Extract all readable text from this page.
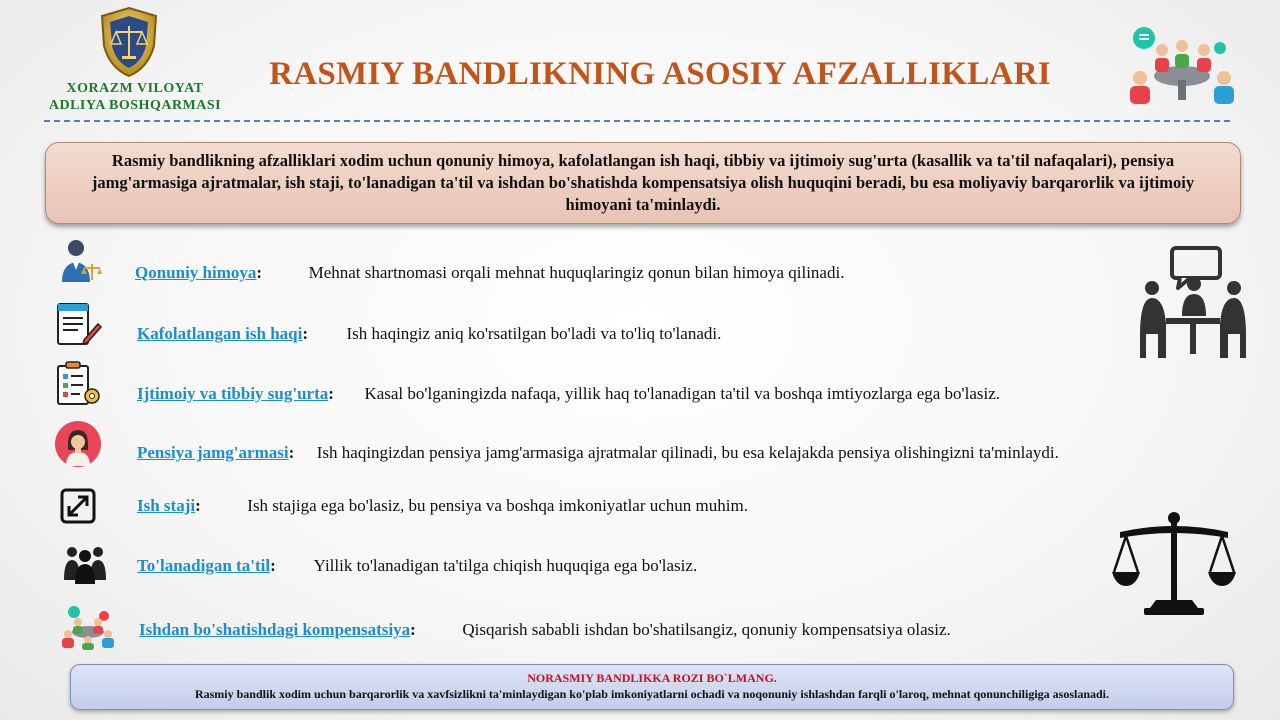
XORAZM VILOYAT
ADLIYA BOSHQARMASI
RASMIY BANDLIKNING ASOSIY AFZALLIKLARI

Rasmiy bandlikning afzalliklari xodim uchun qonuniy himoya, kafolatlangan ish haqi, tibbiy va ijtimoiy sug'urta (kasallik va ta'til nafaqalari), pensiya jamg'armasiga ajratmalar, ish staji, to'lanadigan ta'til va ishdan bo'shatishda kompensatsiya olish huquqini beradi, bu esa moliyaviy barqarorlik va ijtimoiy himoyani ta'minlaydi.

Qonuniy himoya:	Mehnat shartnomasi orqali mehnat huquqlaringiz qonun bilan himoya qilinadi.
Kafolatlangan ish haqi: Ish haqingiz aniq ko'rsatilgan bo'ladi va to'liq to'lanadi.
Ijtimoiy va tibbiy sug'urta: Kasal bo'lganingizda nafaqa, yillik haq to'lanadigan ta'til va boshqa imtiyozlarga ega bo'lasiz.
Pensiya jamg'armasi: Ish haqingizdan pensiya jamg'armasiga ajratmalar qilinadi, bu esa kelajakda pensiya olishingizni ta'minlaydi.
Ish staji:	Ish stajiga ega bo'lasiz, bu pensiya va boshqa imkoniyatlar uchun muhim.
To'lanadigan ta'til: Yillik to'lanadigan ta'tilga chiqish huquqiga ega bo'lasiz.
Ishdan bo'shatishdagi kompensatsiya:	Qisqarish sababli ishdan bo'shatilsangiz, qonuniy kompensatsiya olasiz.
NORASMIY BANDLIKKA ROZI BO`LMANG.
Rasmiy bandlik xodim uchun barqarorlik va xavfsizlikni ta'minlaydigan ko'plab imkoniyatlarni ochadi va noqonuniy ishlashdan farqli o'laroq, mehnat qonunchiligiga asoslanadi.
